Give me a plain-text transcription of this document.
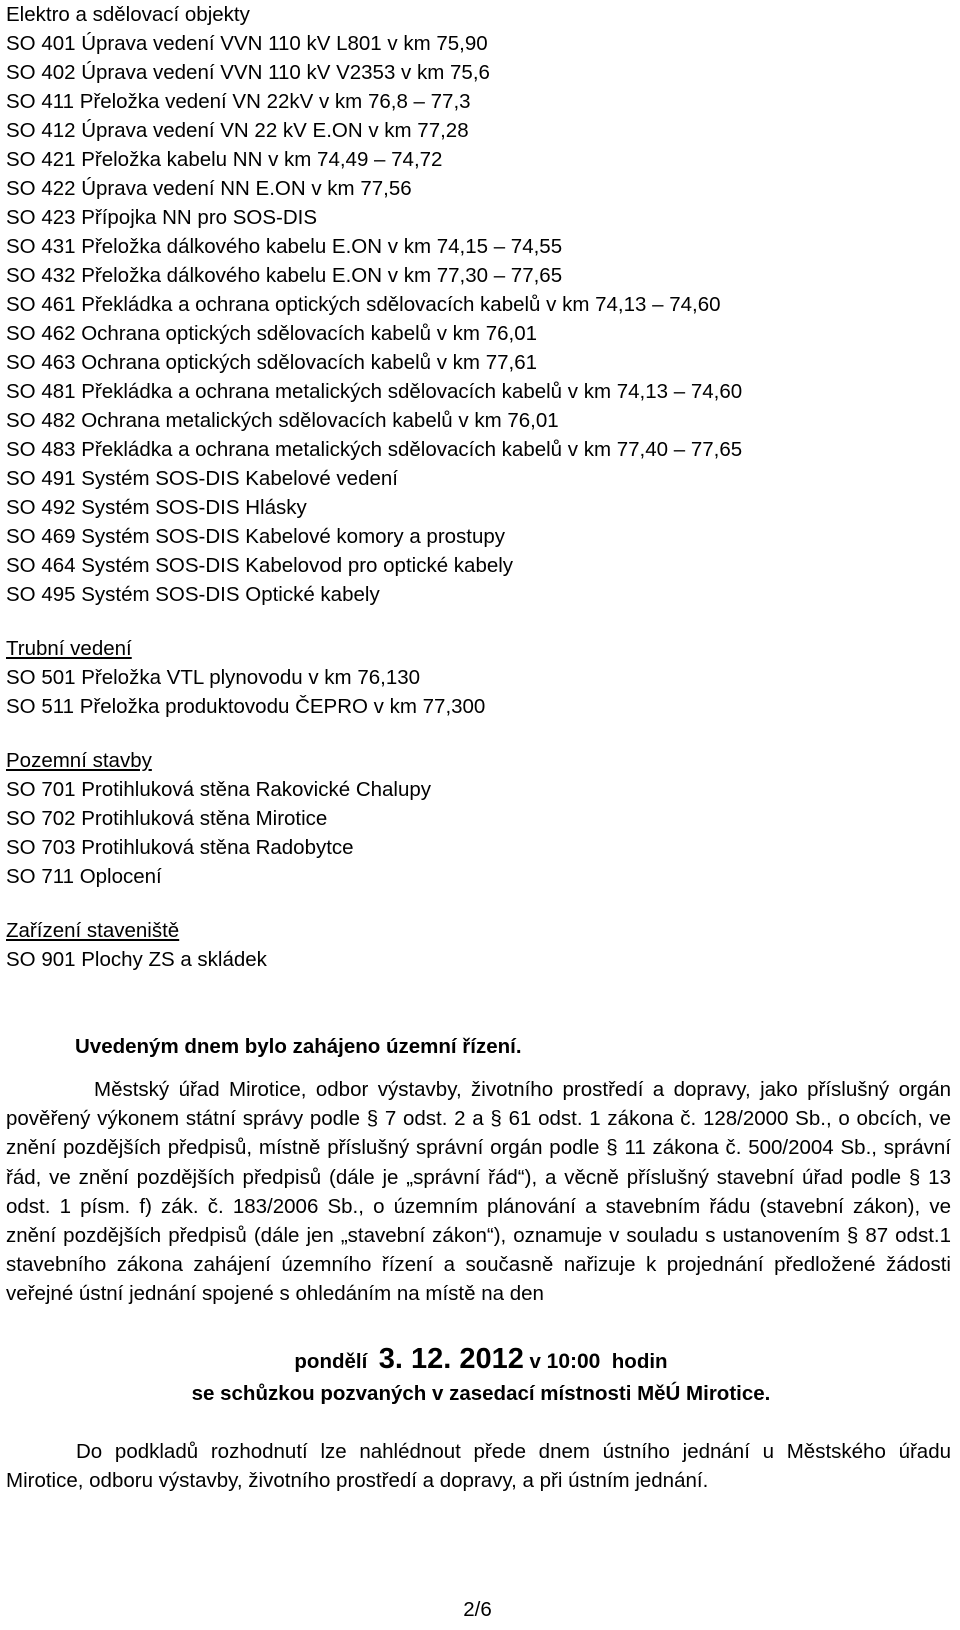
Elektro a sdělovací objekty
SO 401 Úprava vedení VVN 110 kV L801 v km 75,90
SO 402 Úprava vedení VVN 110 kV V2353 v km 75,6
SO 411 Přeložka vedení VN 22kV v km 76,8 – 77,3
SO 412 Úprava vedení VN 22 kV E.ON v km 77,28
SO 421 Přeložka kabelu NN v km 74,49 – 74,72
SO 422 Úprava vedení NN E.ON v km 77,56
SO 423 Přípojka NN pro SOS-DIS
SO 431 Přeložka dálkového kabelu E.ON v km 74,15 – 74,55
SO 432 Přeložka dálkového kabelu E.ON v km 77,30 – 77,65
SO 461 Překládka a ochrana optických sdělovacích kabelů v km 74,13 – 74,60
SO 462 Ochrana optických sdělovacích kabelů v km 76,01
SO 463 Ochrana optických sdělovacích kabelů v km 77,61
SO 481 Překládka a ochrana metalických sdělovacích kabelů v km 74,13 – 74,60
SO 482 Ochrana metalických sdělovacích kabelů v km 76,01
SO 483 Překládka a ochrana metalických sdělovacích kabelů v km 77,40 – 77,65
SO 491 Systém SOS-DIS Kabelové vedení
SO 492 Systém SOS-DIS Hlásky
SO 469 Systém SOS-DIS Kabelové komory a prostupy
SO 464 Systém SOS-DIS Kabelovod pro optické kabely
SO 495 Systém SOS-DIS Optické kabely
Trubní vedení
SO 501 Přeložka VTL plynovodu v km 76,130
SO 511 Přeložka produktovodu ČEPRO v km 77,300
Pozemní stavby
SO 701 Protihluková stěna Rakovické Chalupy
SO 702 Protihluková stěna Mirotice
SO 703 Protihluková stěna Radobytce
SO 711 Oplocení
Zařízení staveniště
SO 901 Plochy ZS a skládek
Uvedeným dnem bylo zahájeno územní řízení.
Městský úřad Mirotice, odbor výstavby, životního prostředí a dopravy, jako příslušný orgán pověřený výkonem státní správy podle § 7 odst. 2 a § 61 odst. 1 zákona č. 128/2000 Sb., o obcích, ve znění pozdějších předpisů, místně příslušný správní orgán podle § 11 zákona č. 500/2004 Sb., správní řád, ve znění pozdějších předpisů (dále je „správní řád“), a věcně příslušný stavební úřad podle § 13 odst. 1 písm. f) zák. č. 183/2006 Sb., o územním plánování a stavebním řádu (stavební zákon), ve znění pozdějších předpisů (dále jen „stavební zákon“), oznamuje v souladu s ustanovením § 87 odst.1 stavebního zákona zahájení územního řízení a současně nařizuje k projednání předložené žádosti veřejné ústní jednání spojené s ohledáním na místě na den
pondělí 3. 12. 2012 v 10:00 hodin
se schůzkou pozvaných v zasedací místnosti MěÚ Mirotice.
Do podkladů rozhodnutí lze nahlédnout přede dnem ústního jednání u Městského úřadu Mirotice, odboru výstavby, životního prostředí a dopravy, a při ústním jednání.
2/6
